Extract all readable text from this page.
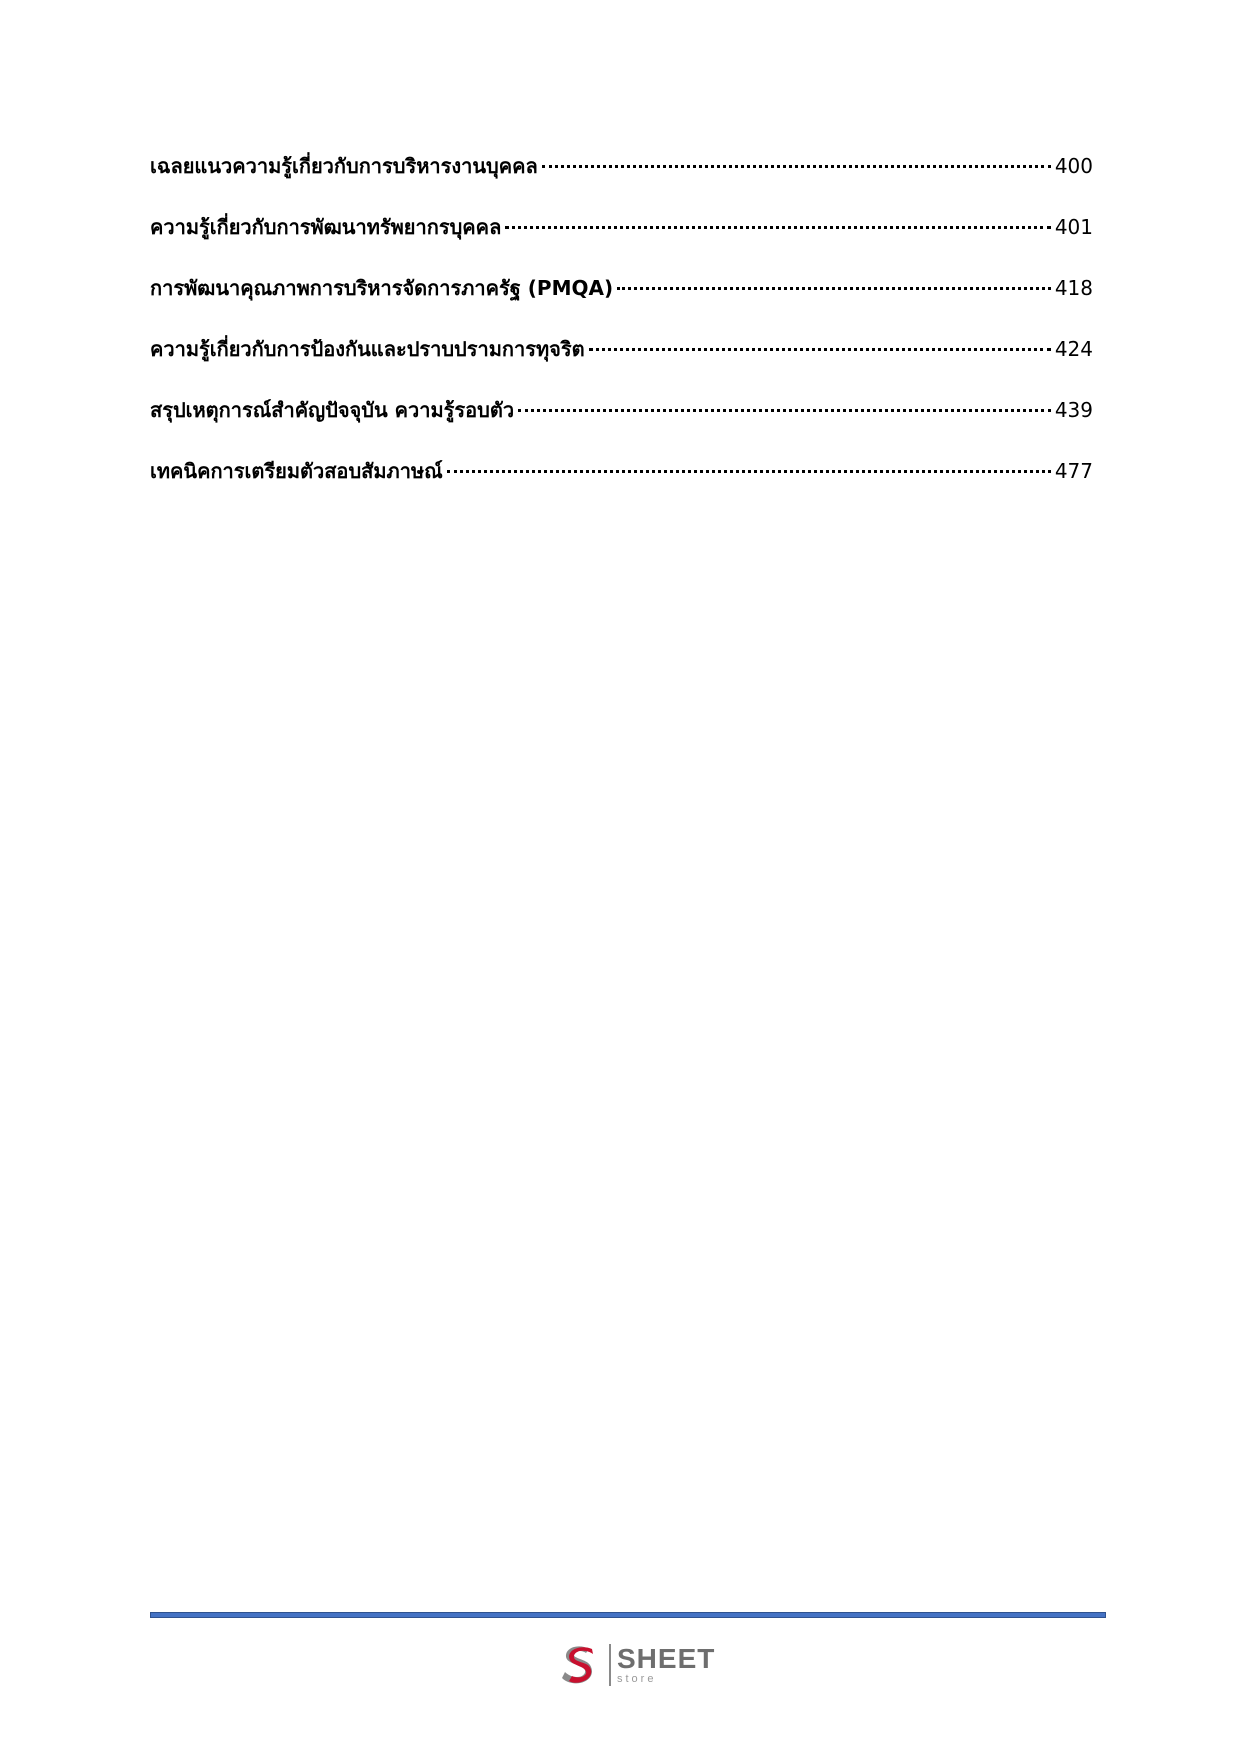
เฉลยแนวความรู้เกี่ยวกับการบริหารงานบุคคล	400
ความรู้เกี่ยวกับการพัฒนาทรัพยากรบุคคล	401
การพัฒนาคุณภาพการบริหารจัดการภาครัฐ (PMQA)	418
ความรู้เกี่ยวกับการป้องกันและปราบปรามการทุจริต	424
สรุปเหตุการณ์สำคัญปัจจุบัน ความรู้รอบตัว	439
เทคนิคการเตรียมตัวสอบสัมภาษณ์	477
SHEET
store
